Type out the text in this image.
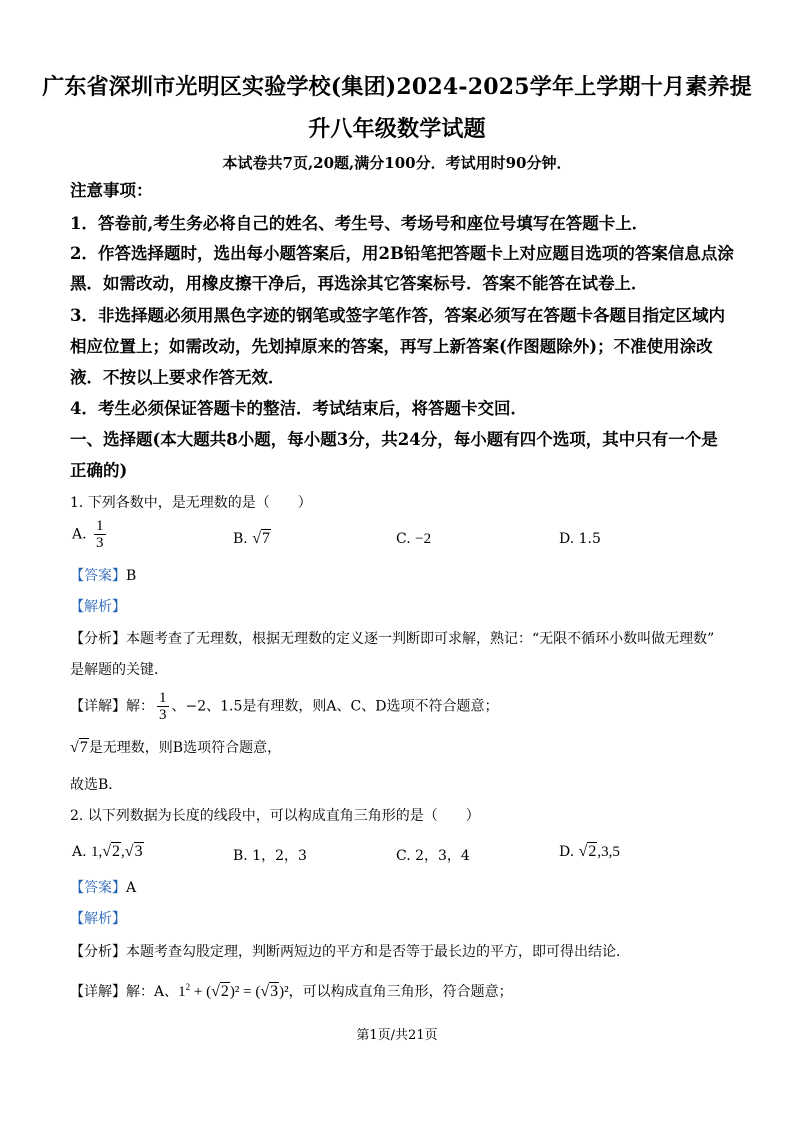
广东省深圳市光明区实验学校(集团)2024-2025学年上学期十月素养提
升八年级数学试题
本试卷共7页,20题,满分100分．考试用时90分钟．
注意事项：
1．答卷前,考生务必将自己的姓名、考生号、考场号和座位号填写在答题卡上．
2．作答选择题时，选出每小题答案后，用2B铅笔把答题卡上对应题目选项的答案信息点涂
黑．如需改动，用橡皮擦干净后，再选涂其它答案标号．答案不能答在试卷上．
3．非选择题必须用黑色字迹的钢笔或签字笔作答，答案必须写在答题卡各题目指定区域内
相应位置上；如需改动，先划掉原来的答案，再写上新答案(作图题除外)；不准使用涂改
液．不按以上要求作答无效．
4．考生必须保证答题卡的整洁．考试结束后，将答题卡交回．
一、选择题(本大题共8小题，每小题3分，共24分，每小题有四个选项，其中只有一个是
正确的)
1. 下列各数中，是无理数的是（　　）
A. $\frac{1}{3}$	B. √7	C. −2	D. 1.5
【答案】B
【解析】
【分析】本题考查了无理数，根据无理数的定义逐一判断即可求解，熟记：“无限不循环小数叫做无理数”
是解题的关键．
【详解】解： $\frac{1}{3}$ 、−2、1.5是有理数，则A、C、D选项不符合题意；
√7是无理数，则B选项符合题意，
故选B．
2. 以下列数据为长度的线段中，可以构成直角三角形的是（　　）
A. 1,√2,√3	B. 1，2，3	C. 2，3，4	D. √2,3,5
【答案】A
【解析】
【分析】本题考查勾股定理，判断两短边的平方和是否等于最长边的平方，即可得出结论．
【详解】解：A、$1^2 + (√2)^2 = (√3)^2$，可以构成直角三角形，符合题意；
第1页/共21页
